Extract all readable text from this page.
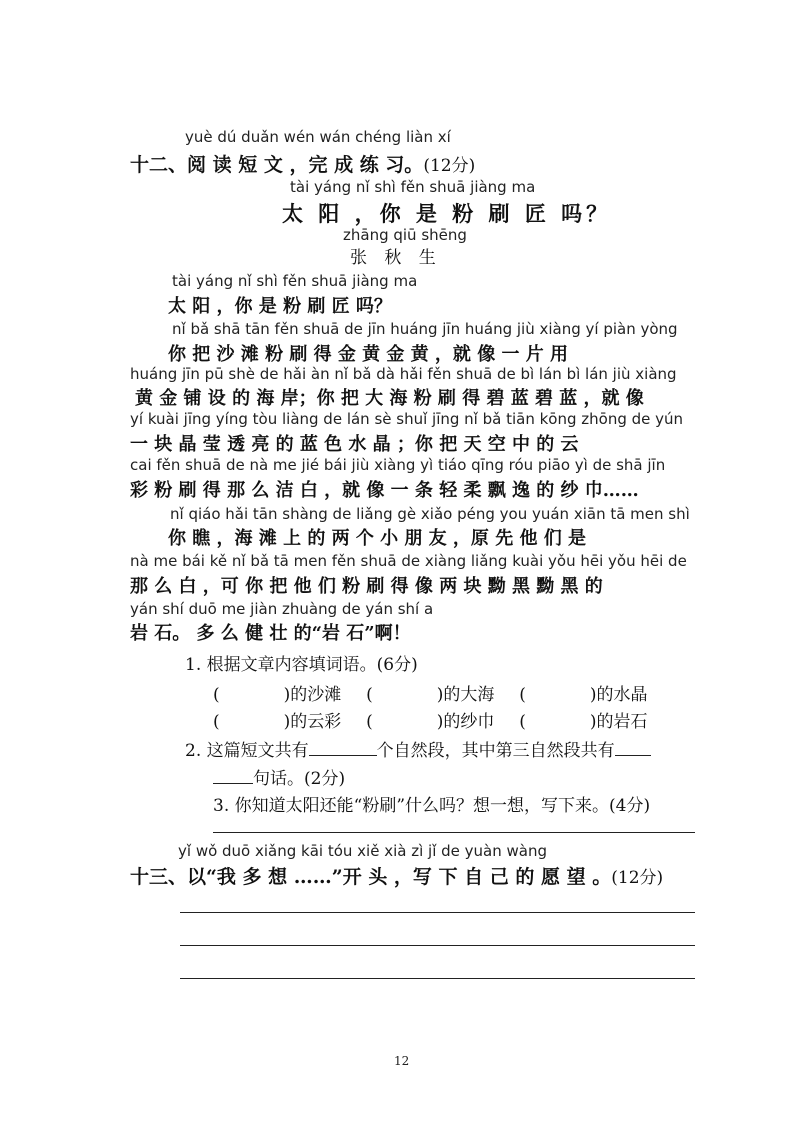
yuè dú duǎn wén wán chéng liàn xí
十二、阅 读 短 文 ，完 成 练 习。(12分)
tài yáng nǐ shì fěn shuā jiàng ma
太 阳 ，你 是 粉 刷 匠 吗？
zhāng qiū shēng
张 秋 生
tài yáng nǐ shì fěn shuā jiàng ma
太 阳 ，你 是 粉 刷 匠 吗？
nǐ bǎ shā tān fěn shuā de jīn huáng jīn huáng jiù xiàng yí piàn yòng
你 把 沙 滩 粉 刷 得 金 黄 金 黄 ，就 像 一 片 用
huáng jīn pū shè de hǎi àn nǐ bǎ dà hǎi fěn shuā de bì lán bì lán jiù xiàng
黄 金 铺 设 的 海 岸；你 把 大 海 粉 刷 得 碧 蓝 碧 蓝 ，就 像
yí kuài jīng yíng tòu liàng de lán sè shuǐ jīng nǐ bǎ tiān kōng zhōng de yún
一 块 晶 莹 透 亮 的 蓝 色 水 晶 ；你 把 天 空 中 的 云
cai fěn shuā de nà me jié bái jiù xiàng yì tiáo qīng róu piāo yì de shā jīn
彩 粉 刷 得 那 么 洁 白 ，就 像 一 条 轻 柔 飘 逸 的 纱 巾……
nǐ qiáo hǎi tān shàng de liǎng gè xiǎo péng you yuán xiān tā men shì
你 瞧 ，海 滩 上 的 两 个 小 朋 友 ，原 先 他 们 是
nà me bái kě nǐ bǎ tā men fěn shuā de xiàng liǎng kuài yǒu hēi yǒu hēi de
那 么 白 ，可 你 把 他 们 粉 刷 得 像 两 块 黝 黑 黝 黑 的
yán shí duō me jiàn zhuàng de yán shí a
岩 石。 多 么 健 壮 的“岩 石”啊！
1. 根据文章内容填词语。(6分)
(	)的沙滩 (	)的大海 (	)的水晶
(	)的云彩 (	)的纱巾 (	)的岩石
2. 这篇短文共有	个自然段，其中第三自然段共有
句话。(2分)
3. 你知道太阳还能“粉刷”什么吗？想一想，写下来。(4分)
yǐ wǒ duō xiǎng kāi tóu xiě xià zì jǐ de yuàn wàng
十三、以“我 多 想 ……”开 头 ，写 下 自 己 的 愿 望 。(12分)
12
